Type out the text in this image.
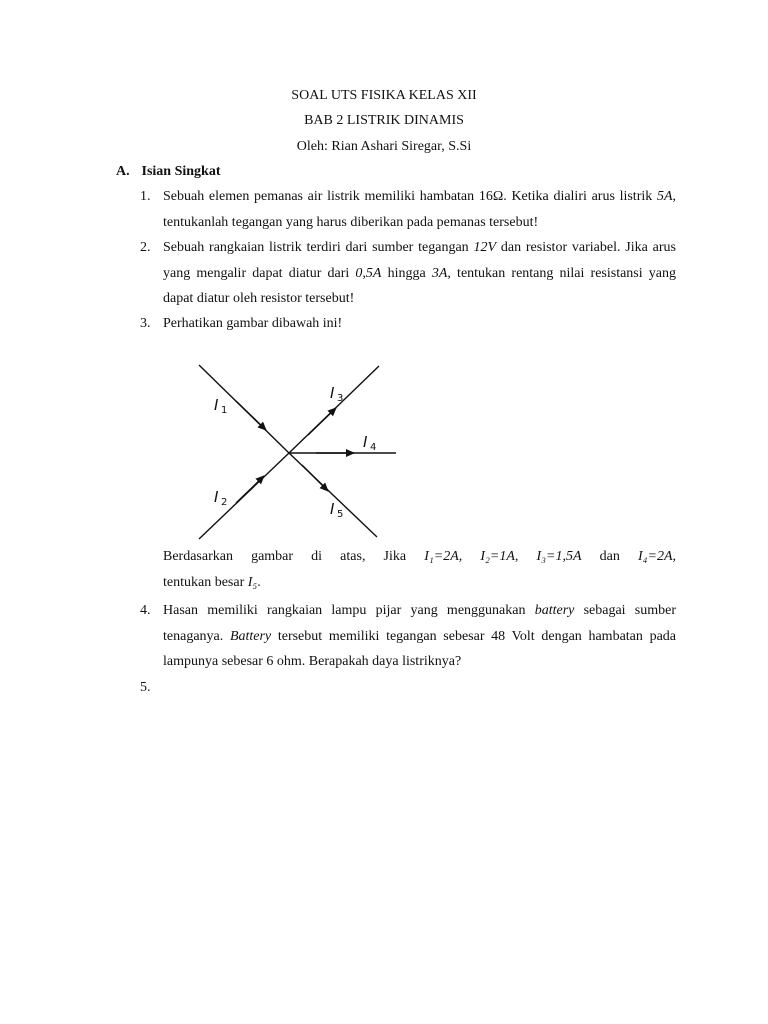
SOAL UTS FISIKA KELAS XII
BAB 2 LISTRIK DINAMIS
Oleh: Rian Ashari Siregar, S.Si
A. Isian Singkat
1. Sebuah elemen pemanas air listrik memiliki hambatan 16Ω. Ketika dialiri arus listrik 5A, tentukanlah tegangan yang harus diberikan pada pemanas tersebut!
2. Sebuah rangkaian listrik terdiri dari sumber tegangan 12V dan resistor variabel. Jika arus yang mengalir dapat diatur dari 0,5A hingga 3A, tentukan rentang nilai resistansi yang dapat diatur oleh resistor tersebut!
3. Perhatikan gambar dibawah ini!
I 1
I 2
I 3
I 4
I 5
Berdasarkan gambar di atas, Jika I₁=2A, I₂=1A, I₃=1,5A dan I₄=2A,
tentukan besar I₅.
4. Hasan memiliki rangkaian lampu pijar yang menggunakan battery sebagai sumber tenaganya. Battery tersebut memiliki tegangan sebesar 48 Volt dengan hambatan pada lampunya sebesar 6 ohm. Berapakah daya listriknya?
5.
